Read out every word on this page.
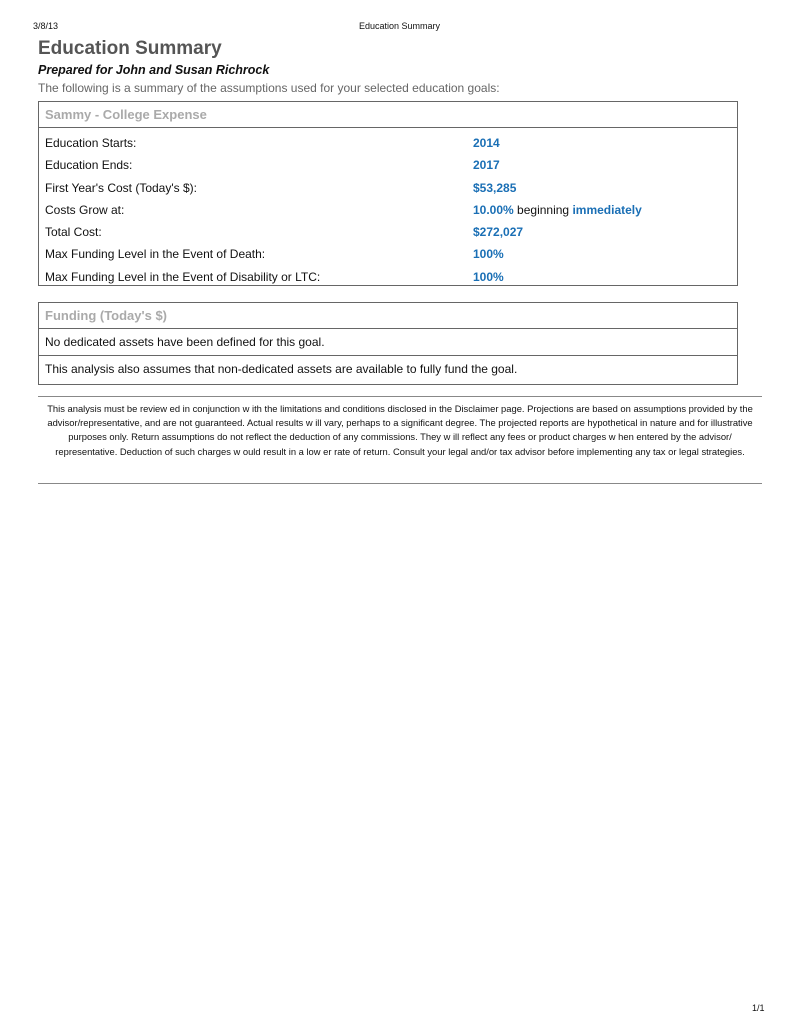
3/8/13	Education Summary
Education Summary
Prepared for John and Susan Richrock
The following is a summary of the assumptions used for your selected education goals:
Sammy - College Expense
Education Starts:	2014
Education Ends:	2017
First Year's Cost (Today's $):	$53,285
Costs Grow at:	10.00% beginning immediately
Total Cost:	$272,027
Max Funding Level in the Event of Death:	100%
Max Funding Level in the Event of Disability or LTC:	100%
Funding (Today's $)
No dedicated assets have been defined for this goal.
This analysis also assumes that non-dedicated assets are available to fully fund the goal.
This analysis must be review ed in conjunction w ith the limitations and conditions disclosed in the Disclaimer page. Projections are based on assumptions provided by the advisor/representative, and are not guaranteed. Actual results w ill vary, perhaps to a significant degree. The projected reports are hypothetical in nature and for illustrative purposes only. Return assumptions do not reflect the deduction of any commissions. They w ill reflect any fees or product charges w hen entered by the advisor/ representative. Deduction of such charges w ould result in a low er rate of return. Consult your legal and/or tax advisor before implementing any tax or legal strategies.
1/1
